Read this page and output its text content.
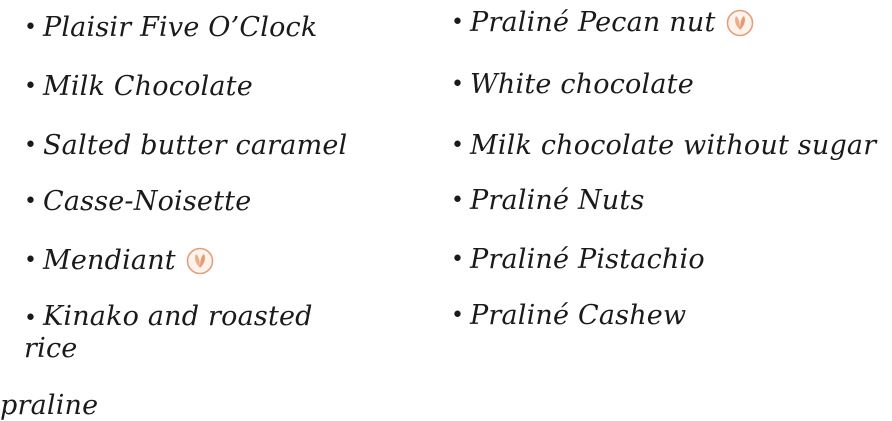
• Plaisir Five O’Clock
• Milk Chocolate
• Salted butter caramel
• Casse-Noisette
• Mendiant
• Kinako and roasted rice
praline
• Praliné Pecan nut
• White chocolate
• Milk chocolate without sugar
• Praliné Nuts
• Praliné Pistachio
• Praliné Cashew
